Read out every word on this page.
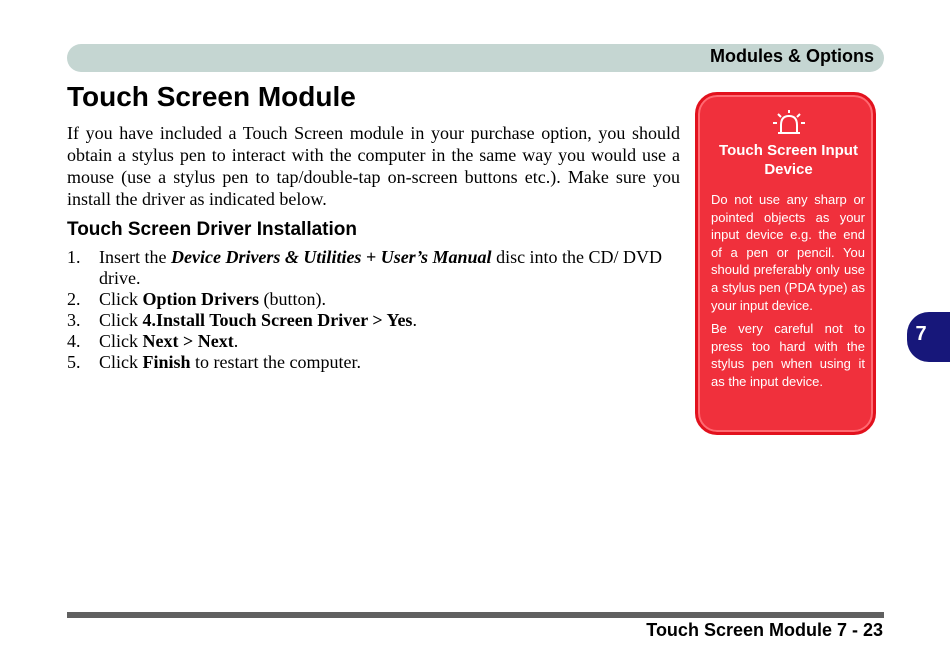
Modules & Options
Touch Screen Module

If you have included a Touch Screen module in your purchase option, you should obtain a stylus pen to interact with the computer in the same way you would use a mouse (use a stylus pen to tap/double-tap on-screen buttons etc.). Make sure you install the driver as indicated below.

Touch Screen Driver Installation
1.	Insert the Device Drivers & Utilities + User’s Manual disc into the CD/ DVD drive.
2.	Click Option Drivers (button).
3.	Click 4.Install Touch Screen Driver > Yes.
4.	Click Next > Next.
5.	Click Finish to restart the computer.
Touch Screen Input Device

Do not use any sharp or pointed objects as your input device e.g. the end of a pen or pencil. You should preferably only use a stylus pen (PDA type) as your input device.

Be very careful not to press too hard with the stylus pen when using it as the input device.

7
Touch Screen Module 7 - 23
